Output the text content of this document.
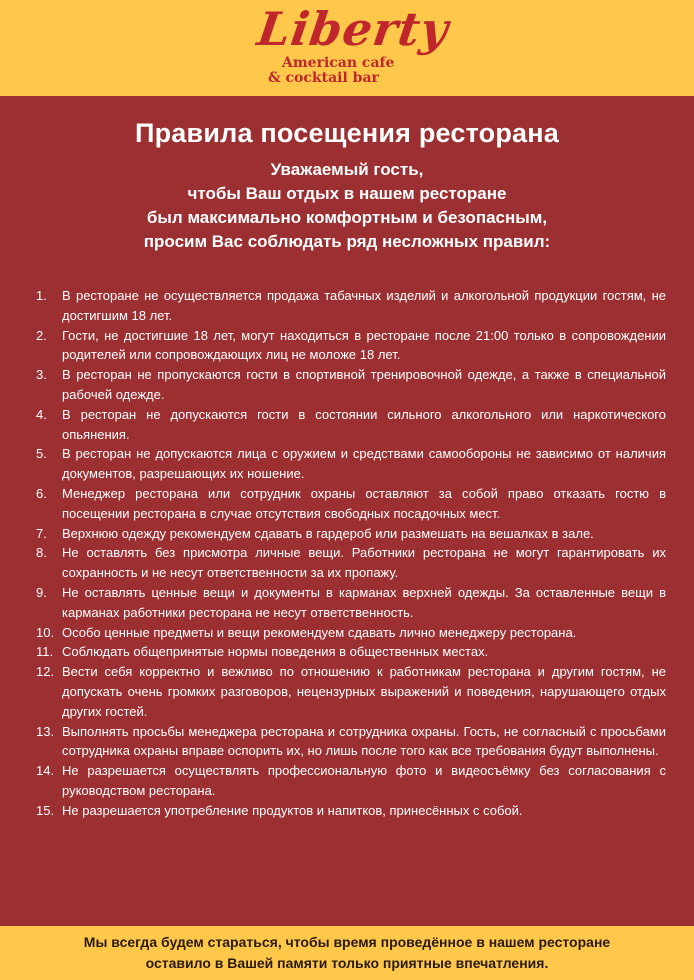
Liberty
American cafe
& cocktail bar
Правила посещения ресторана
Уважаемый гость,
чтобы Ваш отдых в нашем ресторане
был максимально комфортным и безопасным,
просим Вас соблюдать ряд несложных правил:
1. В ресторане не осуществляется продажа табачных изделий и алкогольной продукции гостям, не достигшим 18 лет.
2. Гости, не достигшие 18 лет, могут находиться в ресторане после 21:00 только в сопровождении родителей или сопровождающих лиц не моложе 18 лет.
3. В ресторан не пропускаются гости в спортивной тренировочной одежде, а также в специальной рабочей одежде.
4. В ресторан не допускаются гости в состоянии сильного алкогольного или наркотического опьянения.
5. В ресторан не допускаются лица с оружием и средствами самообороны не зависимо от наличия документов, разрешающих их ношение.
6. Менеджер ресторана или сотрудник охраны оставляют за собой право отказать гостю в посещении ресторана в случае отсутствия свободных посадочных мест.
7. Верхнюю одежду рекомендуем сдавать в гардероб или размешать на вешалках в зале.
8. Не оставлять без присмотра личные вещи. Работники ресторана не могут гарантировать их сохранность и не несут ответственности за их пропажу.
9. Не оставлять ценные вещи и документы в карманах верхней одежды. За оставленные вещи в карманах работники ресторана не несут ответственность.
10. Особо ценные предметы и вещи рекомендуем сдавать лично менеджеру ресторана.
11. Соблюдать общепринятые нормы поведения в общественных местах.
12. Вести себя корректно и вежливо по отношению к работникам ресторана и другим гостям, не допускать очень громких разговоров, нецензурных выражений и поведения, нарушающего отдых других гостей.
13. Выполнять просьбы менеджера ресторана и сотрудника охраны. Гость, не согласный с просьбами сотрудника охраны вправе оспорить их, но лишь после того как все требования будут выполнены.
14. Не разрешается осуществлять профессиональную фото и видеосъёмку без согласования с руководством ресторана.
15. Не разрешается употребление продуктов и напитков, принесённых с собой.
Мы всегда будем стараться, чтобы время проведённое в нашем ресторане
оставило в Вашей памяти только приятные впечатления.
